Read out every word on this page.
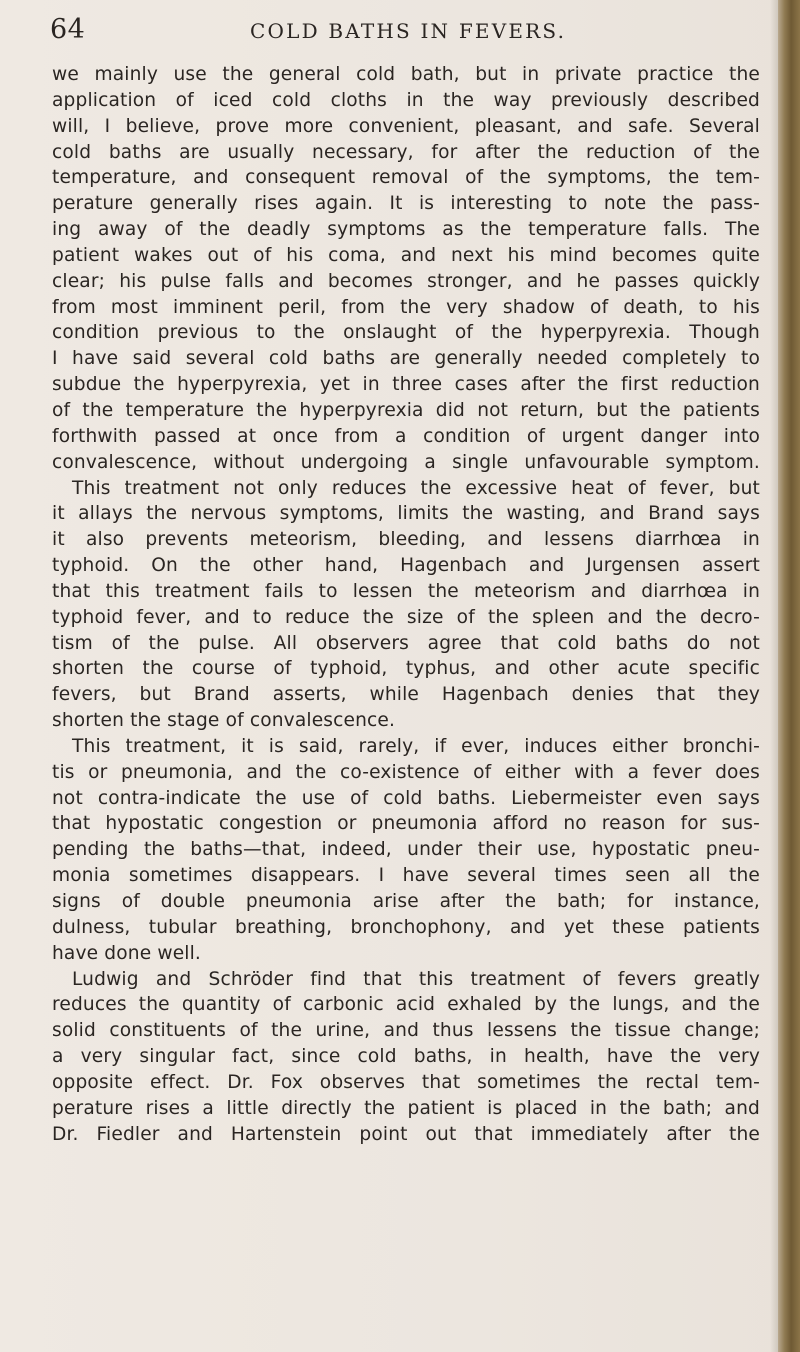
64	COLD BATHS IN FEVERS.
we mainly use the general cold bath, but in private practice the
application of iced cold cloths in the way previously described
will, I believe, prove more convenient, pleasant, and safe. Several
cold baths are usually necessary, for after the reduction of the
temperature, and consequent removal of the symptoms, the tem-
perature generally rises again. It is interesting to note the pass-
ing away of the deadly symptoms as the temperature falls. The
patient wakes out of his coma, and next his mind becomes quite
clear; his pulse falls and becomes stronger, and he passes quickly
from most imminent peril, from the very shadow of death, to his
condition previous to the onslaught of the hyperpyrexia. Though
I have said several cold baths are generally needed completely to
subdue the hyperpyrexia, yet in three cases after the first reduction
of the temperature the hyperpyrexia did not return, but the patients
forthwith passed at once from a condition of urgent danger into
convalescence, without undergoing a single unfavourable symptom.
This treatment not only reduces the excessive heat of fever, but
it allays the nervous symptoms, limits the wasting, and Brand says
it also prevents meteorism, bleeding, and lessens diarrhœa in
typhoid. On the other hand, Hagenbach and Jurgensen assert
that this treatment fails to lessen the meteorism and diarrhœa in
typhoid fever, and to reduce the size of the spleen and the decro-
tism of the pulse. All observers agree that cold baths do not
shorten the course of typhoid, typhus, and other acute specific
fevers, but Brand asserts, while Hagenbach denies that they
shorten the stage of convalescence.
This treatment, it is said, rarely, if ever, induces either bronchi-
tis or pneumonia, and the co-existence of either with a fever does
not contra-indicate the use of cold baths. Liebermeister even says
that hypostatic congestion or pneumonia afford no reason for sus-
pending the baths—that, indeed, under their use, hypostatic pneu-
monia sometimes disappears. I have several times seen all the
signs of double pneumonia arise after the bath; for instance,
dulness, tubular breathing, bronchophony, and yet these patients
have done well.
Ludwig and Schröder find that this treatment of fevers greatly
reduces the quantity of carbonic acid exhaled by the lungs, and the
solid constituents of the urine, and thus lessens the tissue change;
a very singular fact, since cold baths, in health, have the very
opposite effect. Dr. Fox observes that sometimes the rectal tem-
perature rises a little directly the patient is placed in the bath; and
Dr. Fiedler and Hartenstein point out that immediately after the
